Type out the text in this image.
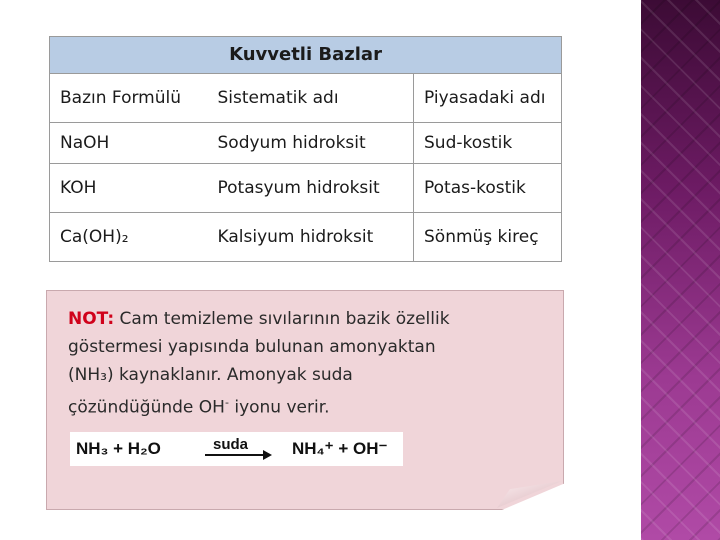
Kuvvetli Bazlar		
Bazın Formülü	Sistematik adı	Piyasadaki adı
NaOH	Sodyum hidroksit	Sud-kostik
KOH	Potasyum hidroksit	Potas-kostik
Ca(OH)₂	Kalsiyum hidroksit	Sönmüş kireç
NOT: Cam temizleme sıvılarının bazik özellik
göstermesi yapısında bulunan amonyaktan
(NH₃) kaynaklanır. Amonyak suda
çözündüğünde OH- iyonu verir.
NH₃ + H₂O	suda	NH₄⁺ + OH⁻
